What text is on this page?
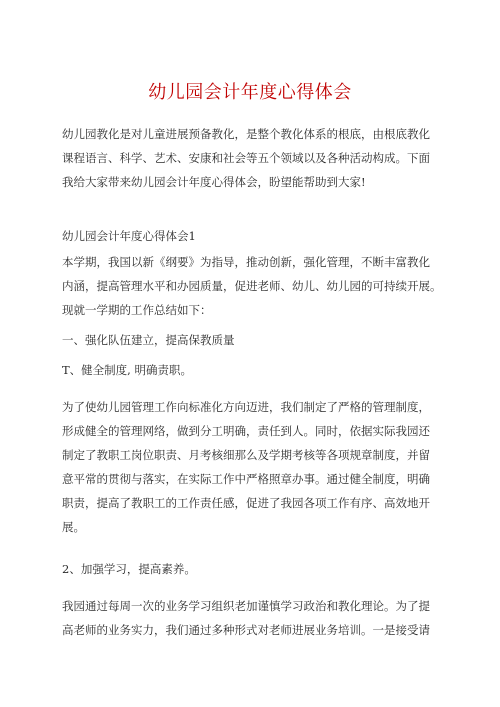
幼儿园会计年度心得体会
幼儿园教化是对儿童进展预备教化，是整个教化体系的根底，由根底教化
课程语言、科学、艺术、安康和社会等五个领域以及各种活动构成。下面
我给大家带来幼儿园会计年度心得体会，盼望能帮助到大家!
幼儿园会计年度心得体会1
本学期，我国以新《纲要》为指导，推动创新，强化管理，不断丰富教化
内涵，提高管理水平和办园质量，促进老师、幼儿、幼儿园的可持续开展。
现就一学期的工作总结如下：
一、强化队伍建立，提高保教质量
T、健全制度, 明确责职。
为了使幼儿园管理工作向标准化方向迈进，我们制定了严格的管理制度，
形成健全的管理网络，做到分工明确，责任到人。同时，依据实际我园还
制定了教职工岗位职责、月考核细那么及学期考核等各项规章制度，并留
意平常的贯彻与落实，在实际工作中严格照章办事。通过健全制度，明确
职责，提高了教职工的工作责任感，促进了我园各项工作有序、高效地开
展。
2、加强学习，提高素养。
我园通过每周一次的业务学习组织老加谨慎学习政治和教化理论。为了提
高老师的业务实力，我们通过多种形式对老师进展业务培训。一是接受请
